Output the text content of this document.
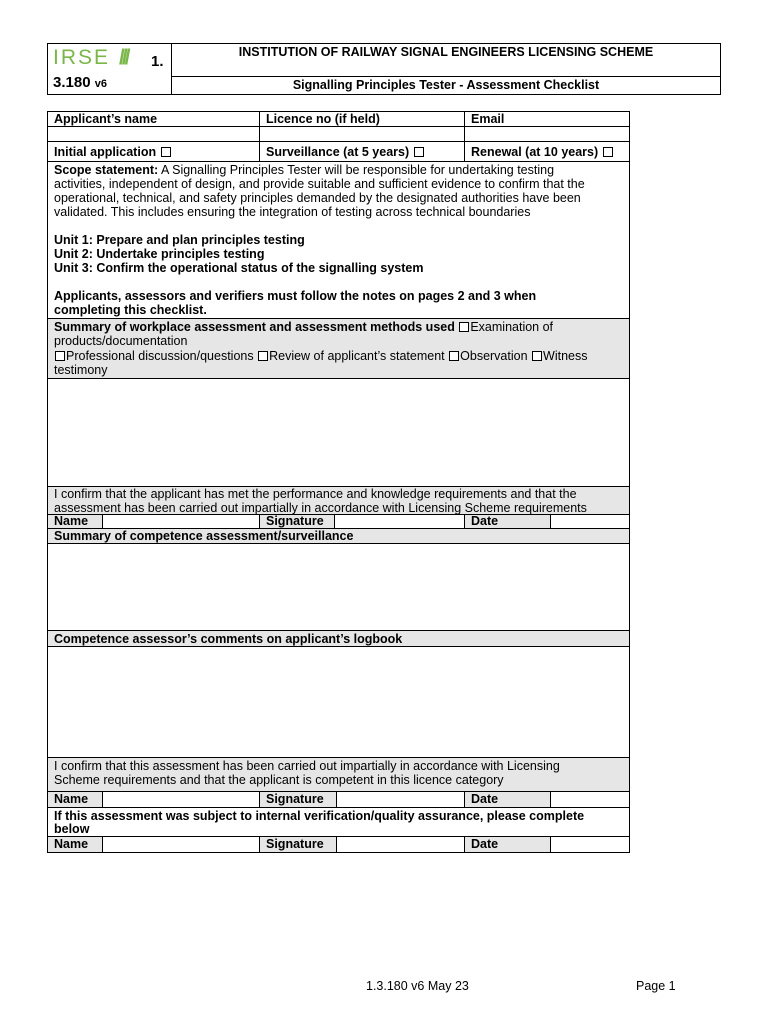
IRSE /// 1.
3.180 v6
INSTITUTION OF RAILWAY SIGNAL ENGINEERS LICENSING SCHEME
Signalling Principles Tester - Assessment Checklist
Applicant’s name	Licence no (if held)	Email
Initial application	Surveillance (at 5 years)	Renewal (at 10 years)
Scope statement: A Signalling Principles Tester will be responsible for undertaking testing
activities, independent of design, and provide suitable and sufficient evidence to confirm that the
operational, technical, and safety principles demanded by the designated authorities have been
validated. This includes ensuring the integration of testing across technical boundaries
Unit 1: Prepare and plan principles testing
Unit 2: Undertake principles testing
Unit 3: Confirm the operational status of the signalling system
Applicants, assessors and verifiers must follow the notes on pages 2 and 3 when
completing this checklist.
Summary of workplace assessment and assessment methods used Examination of
products/documentation
Professional discussion/questions Review of applicant’s statement Observation Witness
testimony
I confirm that the applicant has met the performance and knowledge requirements and that the
assessment has been carried out impartially in accordance with Licensing Scheme requirements
Name	Signature	Date
Summary of competence assessment/surveillance
Competence assessor’s comments on applicant’s logbook
I confirm that this assessment has been carried out impartially in accordance with Licensing
Scheme requirements and that the applicant is competent in this licence category
Name	Signature	Date
If this assessment was subject to internal verification/quality assurance, please complete
below
Name	Signature	Date
1.3.180 v6 May 23	Page 1
